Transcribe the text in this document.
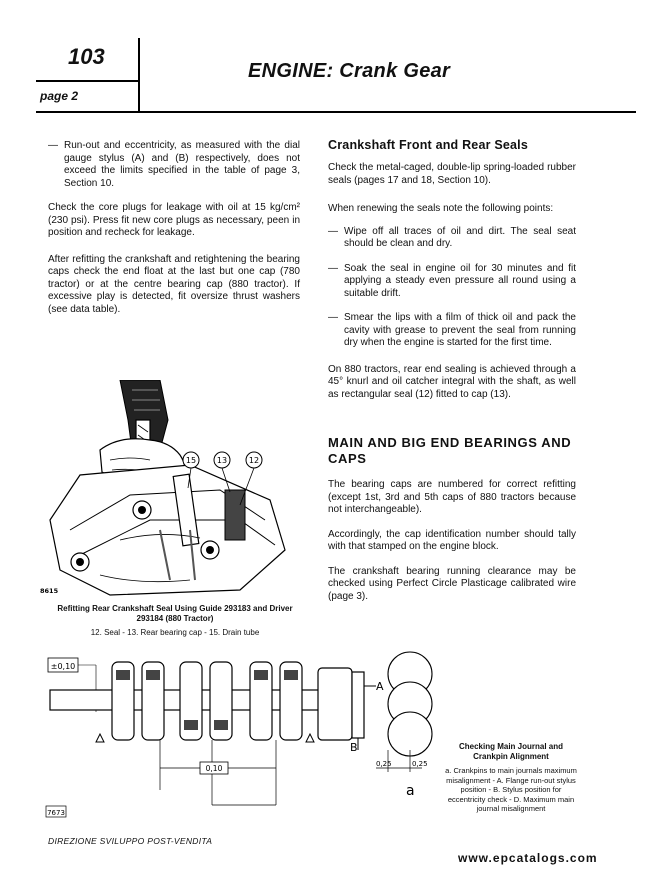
103
page 2
ENGINE: Crank Gear
— Run-out and eccentricity, as measured with the dial gauge stylus (A) and (B) respectively, does not exceed the limits specified in the table of page 3, Section 10.

Check the core plugs for leakage with oil at 15 kg/cm² (230 psi). Press fit new core plugs as necessary, peen in position and recheck for leakage.

After refitting the crankshaft and retightening the bearing caps check the end float at the last but one cap (780 tractor) or at the centre bearing cap (880 tractor). If excessive play is detected, fit oversize thrust washers (see data table).

15	13	12
8615
Refitting Rear Crankshaft Seal Using Guide 293183 and Driver 293184 (880 Tractor)
12. Seal - 13. Rear bearing cap - 15. Drain tube
Crankshaft Front and Rear Seals

Check the metal-caged, double-lip spring-loaded rubber seals (pages 17 and 18, Section 10).

When renewing the seals note the following points:

— Wipe off all traces of oil and dirt. The seal seat should be clean and dry.
— Soak the seal in engine oil for 30 minutes and fit applying a steady even pressure all round using a suitable drift.
— Smear the lips with a film of thick oil and pack the cavity with grease to prevent the seal from running dry when the engine is started for the first time.

On 880 tractors, rear end sealing is achieved through a 45° knurl and oil catcher integral with the shaft, as well as rectangular seal (12) fitted to cap (13).

MAIN AND BIG END BEARINGS AND CAPS

The bearing caps are numbered for correct refitting (except 1st, 3rd and 5th caps of 880 tractors because not interchangeable).

Accordingly, the cap identification number should tally with that stamped on the engine block.

The crankshaft bearing running clearance may be checked using Perfect Circle Plasticage calibrated wire (page 3).

±0,10
A
B
0,10	0,25	0,25
a
7673
Checking Main Journal and Crankpin Alignment
a. Crankpins to main journals maximum misalignment - A. Flange run-out stylus position - B. Stylus position for eccentricity check - D. Maximum main journal misalignment
DIREZIONE SVILUPPO POST-VENDITA
www.epcatalogs.com
